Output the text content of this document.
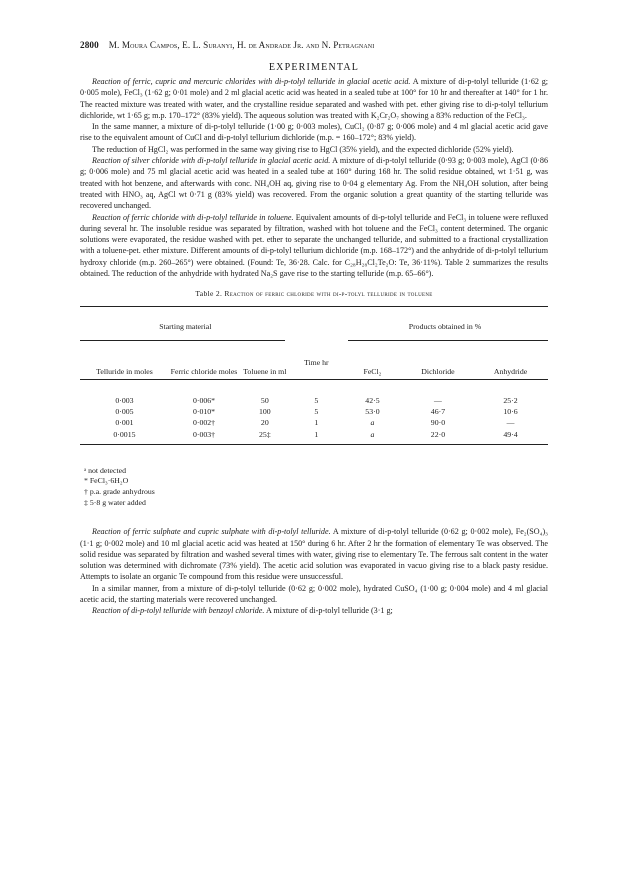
2800 M. Moura Campos, E. L. Suranyi, H. de Andrade Jr. and N. Petragnani
EXPERIMENTAL

Reaction of ferric, cupric and mercuric chlorides with di-p-tolyl telluride in glacial acetic acid. A mixture of di-p-tolyl telluride (1·62 g; 0·005 mole), FeCl₃ (1·62 g; 0·01 mole) and 2 ml glacial acetic acid was heated in a sealed tube at 100° for 10 hr and thereafter at 140° for 1 hr. The reacted mixture was treated with water, and the crystalline residue separated and washed with pet. ether giving rise to di-p-tolyl tellurium dichloride, wt 1·65 g; m.p. 170–172° (83% yield). The aqueous solution was treated with K₂Cr₂O₇ showing a 83% reduction of the FeCl₃.

In the same manner, a mixture of di-p-tolyl telluride (1·00 g; 0·003 moles), CuCl₂ (0·87 g; 0·006 mole) and 4 ml glacial acetic acid gave rise to the equivalent amount of CuCl and di-p-tolyl tellurium dichloride (m.p. = 160–172°; 83% yield).

The reduction of HgCl₂ was performed in the same way giving rise to HgCl (35% yield), and the expected dichloride (52% yield).

Reaction of silver chloride with di-p-tolyl telluride in glacial acetic acid. A mixture of di-p-tolyl telluride (0·93 g; 0·003 mole), AgCl (0·86 g; 0·006 mole) and 75 ml glacial acetic acid was heated in a sealed tube at 160° during 168 hr. The solid residue obtained, wt 1·51 g, was treated with hot benzene, and afterwards with conc. NH₄OH aq, giving rise to 0·04 g elementary Ag. From the NH₄OH solution, after being treated with HNO₃ aq, AgCl wt 0·71 g (83% yield) was recovered. From the organic solution a great quantity of the starting telluride was recovered unchanged.

Reaction of ferric chloride with di-p-tolyl telluride in toluene. Equivalent amounts of di-p-tolyl telluride and FeCl₃ in toluene were refluxed during several hr. The insoluble residue was separated by filtration, washed with hot toluene and the FeCl₃ content determined. The organic solutions were evaporated, the residue washed with pet. ether to separate the unchanged telluride, and submitted to a fractional crystallization with a toluene-pet. ether mixture. Different amounts of di-p-tolyl tellurium dichloride (m.p. 168–172°) and the anhydride of di-p-tolyl tellurium hydroxy chloride (m.p. 260–265°) were obtained. (Found: Te, 36·28. Calc. for C₂₈H₂₈Cl₂Te₂O: Te, 36·11%). Table 2 summarizes the results obtained. The reduction of the anhydride with hydrated Na₂S gave rise to the starting telluride (m.p. 65–66°).

Table 2. Reaction of ferric chloride with di-p-tolyl telluride in toluene

Starting material				Products obtained in %		

Telluride in moles	Ferric chloride moles	Toluene in ml	Time hr	FeCl₂	Dichloride	Anhydride

0·003	0·006*	50	5	42·5	—	25·2
0·005	0·010*	100	5	53·0	46·7	10·6
0·001	0·002†	20	1	a	90·0	—
0·0015	0·003†	25‡	1	a	22·0	49·4

ᵃ not detected
* FeCl₃·6H₂O
† p.a. grade anhydrous
‡ 5·8 g water added

Reaction of ferric sulphate and cupric sulphate with di-p-tolyl telluride. A mixture of di-p-tolyl telluride (0·62 g; 0·002 mole), Fe₂(SO₄)₃ (1·1 g; 0·002 mole) and 10 ml glacial acetic acid was heated at 150° during 6 hr. After 2 hr the formation of elementary Te was observed. The solid residue was separated by filtration and washed several times with water, giving rise to elementary Te. The ferrous salt content in the water solution was determined with dichromate (73% yield). The acetic acid solution was evaporated in vacuo giving rise to a black pasty residue. Attempts to isolate an organic Te compound from this residue were unsuccessful.

In a similar manner, from a mixture of di-p-tolyl telluride (0·62 g; 0·002 mole), hydrated CuSO₄ (1·00 g; 0·004 mole) and 4 ml glacial acetic acid, the starting materials were recovered unchanged.

Reaction of di-p-tolyl telluride with benzoyl chloride. A mixture of di-p-tolyl telluride (3·1 g;
